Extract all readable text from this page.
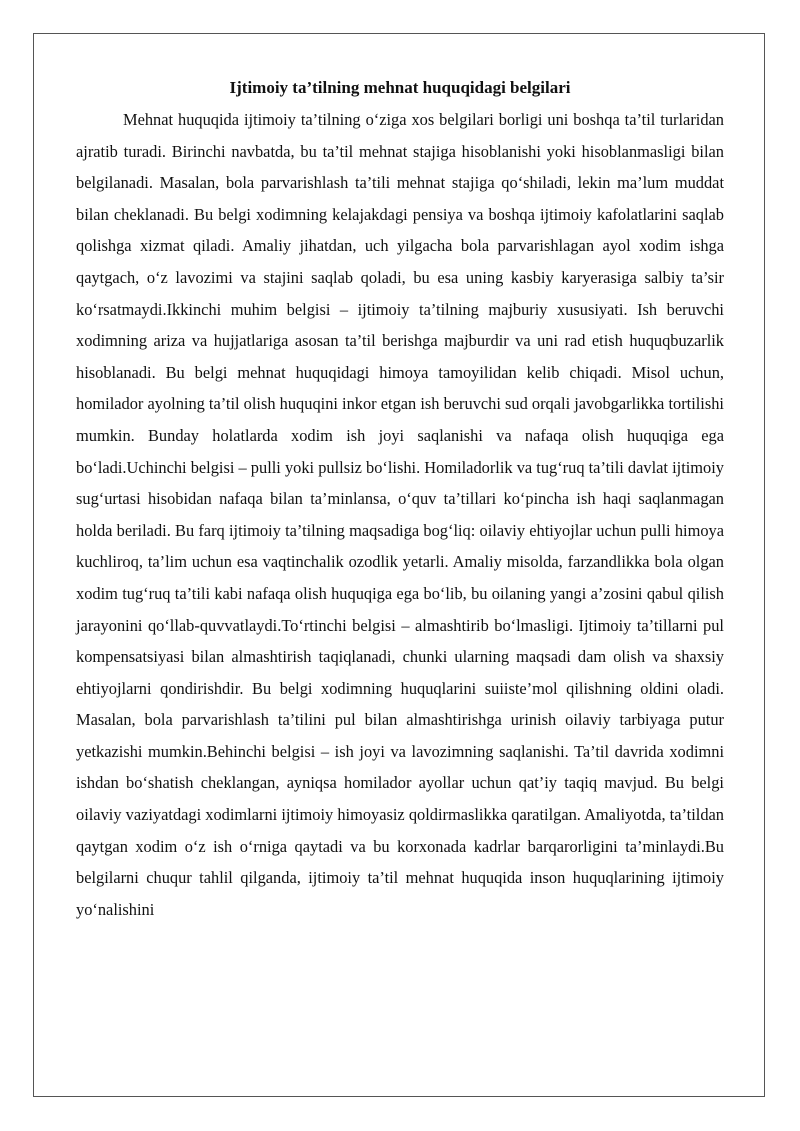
Ijtimoiy ta’tilning mehnat huquqidagi belgilari

Mehnat huquqida ijtimoiy ta’tilning o‘ziga xos belgilari borligi uni boshqa ta’til turlaridan ajratib turadi. Birinchi navbatda, bu ta’til mehnat stajiga hisoblanishi yoki hisoblanmasligi bilan belgilanadi. Masalan, bola parvarishlash ta’tili mehnat stajiga qo‘shiladi, lekin ma’lum muddat bilan cheklanadi. Bu belgi xodimning kelajakdagi pensiya va boshqa ijtimoiy kafolatlarini saqlab qolishga xizmat qiladi. Amaliy jihatdan, uch yilgacha bola parvarishlagan ayol xodim ishga qaytgach, o‘z lavozimi va stajini saqlab qoladi, bu esa uning kasbiy karyerasiga salbiy ta’sir ko‘rsatmaydi.Ikkinchi muhim belgisi – ijtimoiy ta’tilning majburiy xususiyati. Ish beruvchi xodimning ariza va hujjatlariga asosan ta’til berishga majburdir va uni rad etish huquqbuzarlik hisoblanadi. Bu belgi mehnat huquqidagi himoya tamoyilidan kelib chiqadi. Misol uchun, homilador ayolning ta’til olish huquqini inkor etgan ish beruvchi sud orqali javobgarlikka tortilishi mumkin. Bunday holatlarda xodim ish joyi saqlanishi va nafaqa olish huquqiga ega bo‘ladi.Uchinchi belgisi – pulli yoki pullsiz bo‘lishi. Homiladorlik va tug‘ruq ta’tili davlat ijtimoiy sug‘urtasi hisobidan nafaqa bilan ta’minlansa, o‘quv ta’tillari ko‘pincha ish haqi saqlanmagan holda beriladi. Bu farq ijtimoiy ta’tilning maqsadiga bog‘liq: oilaviy ehtiyojlar uchun pulli himoya kuchliroq, ta’lim uchun esa vaqtinchalik ozodlik yetarli. Amaliy misolda, farzandlikka bola olgan xodim tug‘ruq ta’tili kabi nafaqa olish huquqiga ega bo‘lib, bu oilaning yangi a’zosini qabul qilish jarayonini qo‘llab-quvvatlaydi.To‘rtinchi belgisi – almashtirib bo‘lmasligi. Ijtimoiy ta’tillarni pul kompensatsiyasi bilan almashtirish taqiqlanadi, chunki ularning maqsadi dam olish va shaxsiy ehtiyojlarni qondirishdir. Bu belgi xodimning huquqlarini suiiste’mol qilishning oldini oladi. Masalan, bola parvarishlash ta’tilini pul bilan almashtirishga urinish oilaviy tarbiyaga putur yetkazishi mumkin.Behinchi belgisi – ish joyi va lavozimning saqlanishi. Ta’til davrida xodimni ishdan bo‘shatish cheklangan, ayniqsa homilador ayollar uchun qat’iy taqiq mavjud. Bu belgi oilaviy vaziyatdagi xodimlarni ijtimoiy himoyasiz qoldirmaslikka qaratilgan. Amaliyotda, ta’tildan qaytgan xodim o‘z ish o‘rniga qaytadi va bu korxonada kadrlar barqarorligini ta’minlaydi.Bu belgilarni chuqur tahlil qilganda, ijtimoiy ta’til mehnat huquqida inson huquqlarining ijtimoiy yo‘nalishini
